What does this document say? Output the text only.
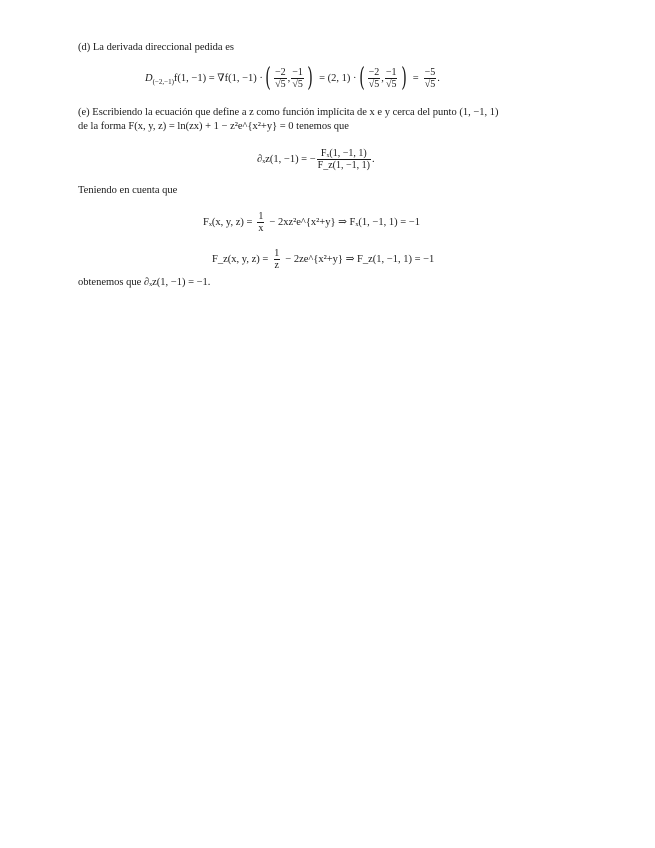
(d) La derivada direccional pedida es
$D_{(-2,-1)}$ f(1, −1) = ∇f(1, −1) · ( $\frac{-2}{√5}$ , $\frac{-1}{√5}$ ) = (2, 1) · ( $\frac{-2}{√5}$ , $\frac{-1}{√5}$ ) = $\frac{-5}{√5}$ .
(e) Escribiendo la ecuación que define a z como función implícita de x e y cerca del punto (1, −1, 1)
de la forma F(x, y, z) = ln(zx) + 1 − z²e^{x²+y} = 0 tenemos que
∂ₓz(1, −1) = − $\frac{\text{Fₓ(1, −1, 1)}}{F\_z(1, -1, 1)}$ .
Teniendo en cuenta que
Fₓ(x, y, $z) = \frac{1}{x}$ − 2xz²e^{x²+y} ⇒ Fₓ(1, −1, 1) = −1
F_z(x, y, $z) = \frac{1}{z}$ − 2ze^{x²+y} ⇒ F_z(1, −1, 1) = −1
obtenemos que ∂ₓz(1, −1) = −1.
